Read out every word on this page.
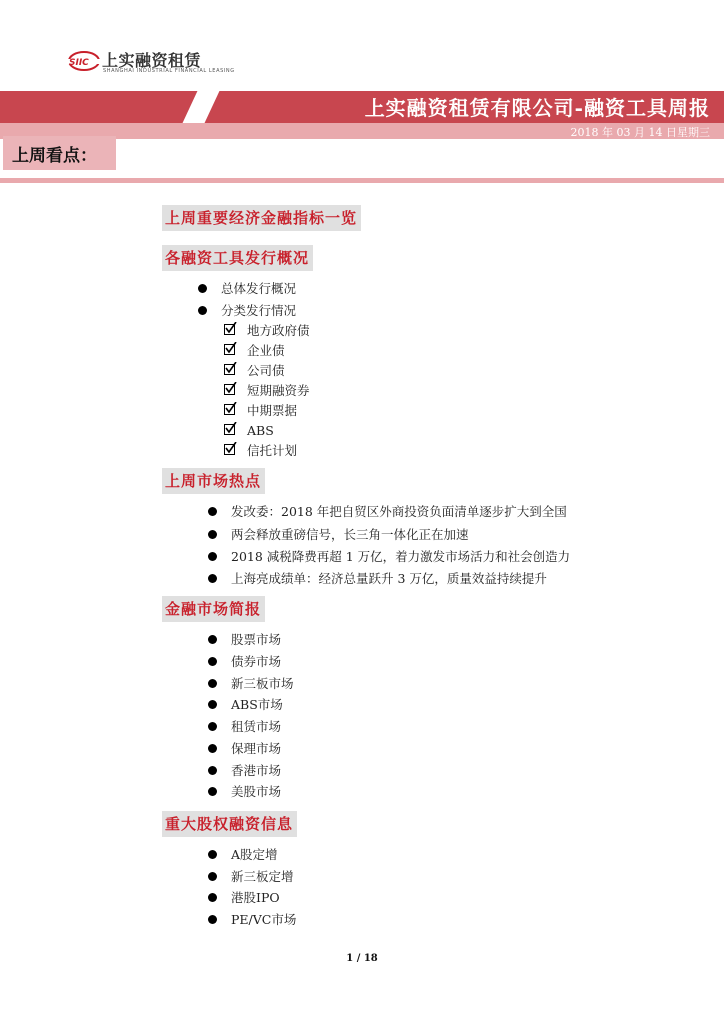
SIIC 上实融资租赁
SHANGHAI INDUSTRIAL FINANCIAL LEASING
上实融资租赁有限公司-融资工具周报
2018 年 03 月 14 日星期三
上周看点：
上周重要经济金融指标一览
各融资工具发行概况
总体发行概况
分类发行情况
地方政府债
企业债
公司债
短期融资券
中期票据
ABS
信托计划
上周市场热点
发改委：2018 年把自贸区外商投资负面清单逐步扩大到全国
两会释放重磅信号，长三角一体化正在加速
2018 减税降费再超 1 万亿，着力激发市场活力和社会创造力
上海亮成绩单：经济总量跃升 3 万亿，质量效益持续提升
金融市场简报
股票市场
债券市场
新三板市场
ABS市场
租赁市场
保理市场
香港市场
美股市场
重大股权融资信息
A股定增
新三板定增
港股IPO
PE/VC市场
1 / 18
